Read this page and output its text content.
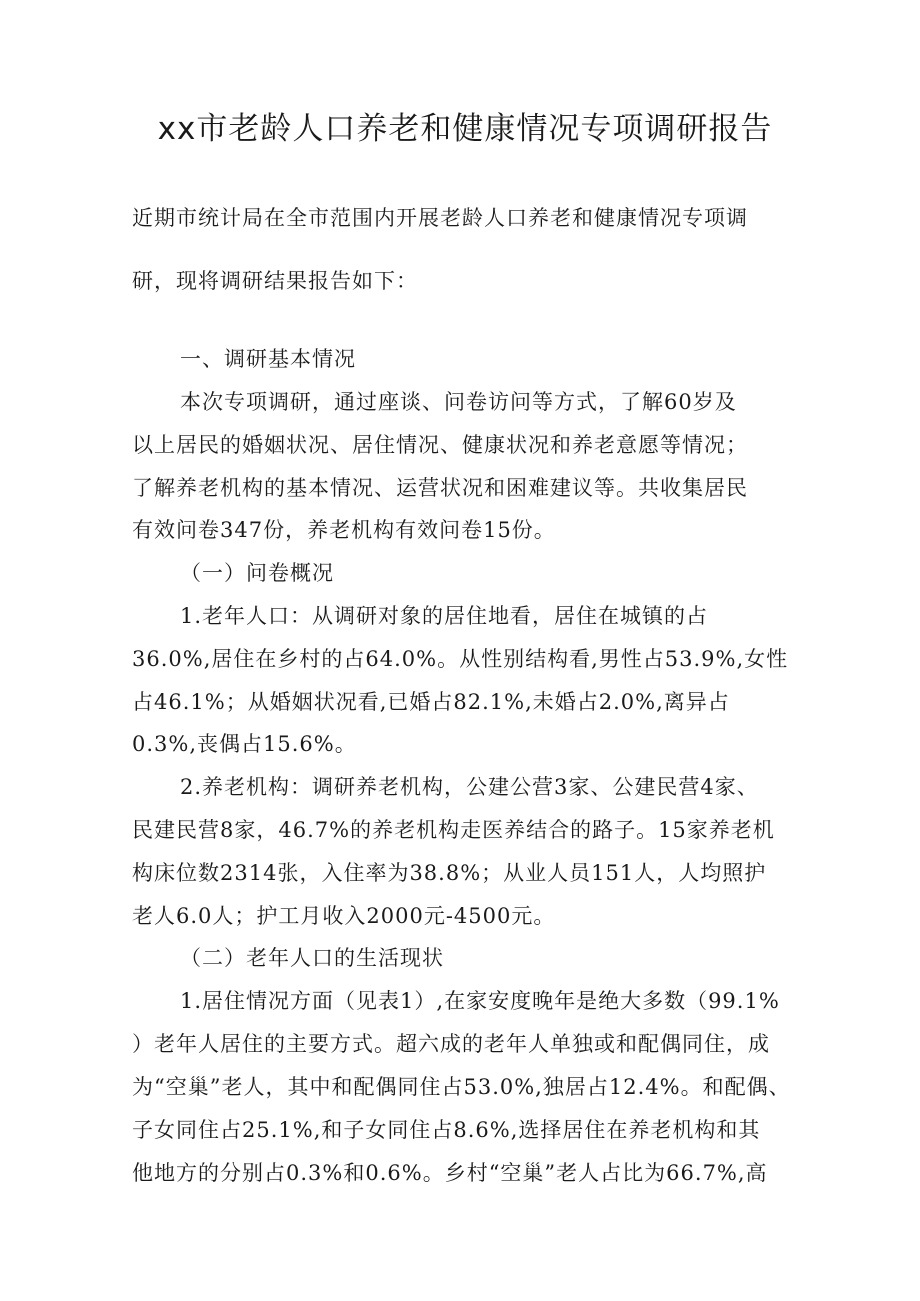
xx市老龄人口养老和健康情况专项调研报告
近期市统计局在全市范围内开展老龄人口养老和健康情况专项调
研，现将调研结果报告如下：
一、调研基本情况
本次专项调研，通过座谈、问卷访问等方式，了解60岁及
以上居民的婚姻状况、居住情况、健康状况和养老意愿等情况；
了解养老机构的基本情况、运营状况和困难建议等。共收集居民
有效问卷347份，养老机构有效问卷15份。
（一）问卷概况
1.老年人口：从调研对象的居住地看，居住在城镇的占
36.0%,居住在乡村的占64.0%。从性别结构看,男性占53.9%,女性
占46.1%；从婚姻状况看,已婚占82.1%,未婚占2.0%,离异占
0.3%,丧偶占15.6%。
2.养老机构：调研养老机构，公建公营3家、公建民营4家、
民建民营8家，46.7%的养老机构走医养结合的路子。15家养老机
构床位数2314张，入住率为38.8%；从业人员151人，人均照护
老人6.0人；护工月收入2000元-4500元。
（二）老年人口的生活现状
1.居住情况方面（见表1）,在家安度晚年是绝大多数（99.1%
）老年人居住的主要方式。超六成的老年人单独或和配偶同住，成
为“空巢”老人，其中和配偶同住占53.0%,独居占12.4%。和配偶、
子女同住占25.1%,和子女同住占8.6%,选择居住在养老机构和其
他地方的分别占0.3%和0.6%。乡村“空巢”老人占比为66.7%,高
